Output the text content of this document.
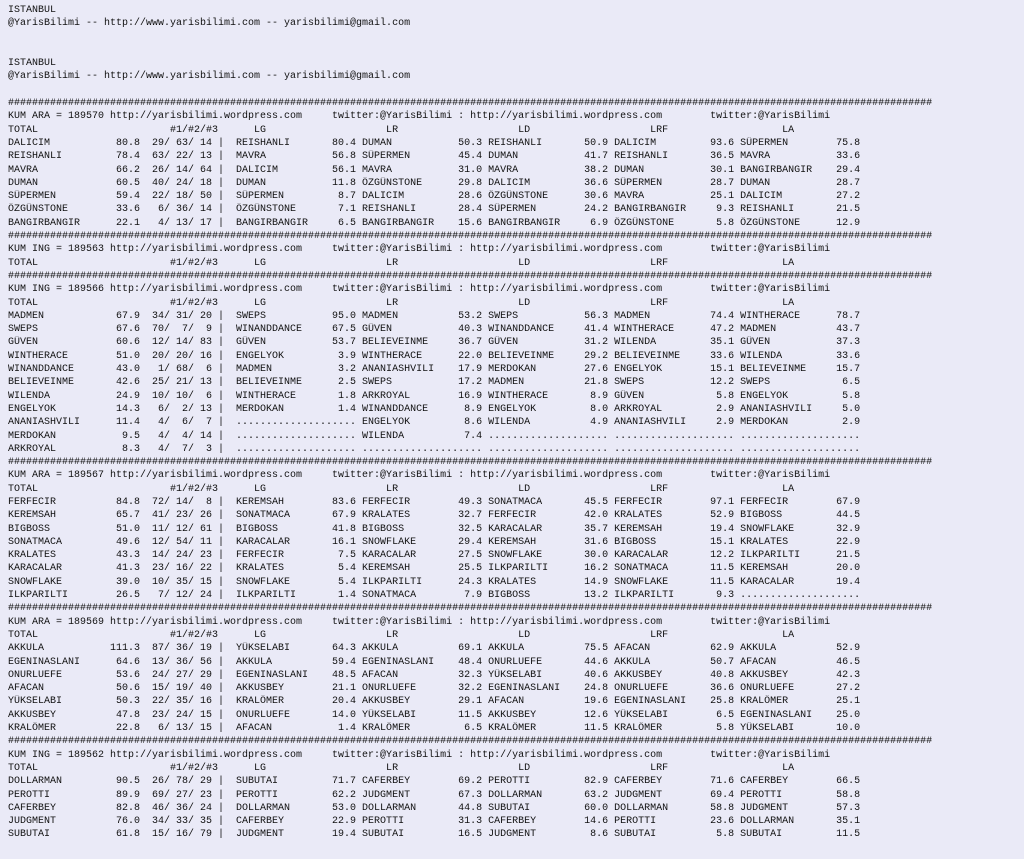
ISTANBUL
@YarisBilimi -- http://www.yarisbilimi.com -- yarisbilimi@gmail.com
ISTANBUL
@YarisBilimi -- http://www.yarisbilimi.com -- yarisbilimi@gmail.com
##########################################################################################################################################################
KUM ARA = 189570 http://yarisbilimi.wordpress.com     twitter:@YarisBilimi : http://yarisbilimi.wordpress.com        twitter:@YarisBilimi
TOTAL                      #1/#2/#3      LG                    LR                    LD                    LRF                   LA
DALICIM           80.8  29/ 63/ 14 |  REISHANLI       80.4 DUMAN           50.3 REISHANLI       50.9 DALICIM         93.6 SÜPERMEN        75.8
REISHANLI         78.4  63/ 22/ 13 |  MAVRA           56.8 SÜPERMEN        45.4 DUMAN           41.7 REISHANLI       36.5 MAVRA           33.6
MAVRA             66.2  26/ 14/ 64 |  DALICIM         56.1 MAVRA           31.0 MAVRA           38.2 DUMAN           30.1 BANGIRBANGIR    29.4
DUMAN             60.5  40/ 24/ 18 |  DUMAN           11.8 ÖZGÜNSTONE      29.8 DALICIM         36.6 SÜPERMEN        28.7 DUMAN           28.7
SÜPERMEN          59.4  22/ 18/ 50 |  SÜPERMEN         8.7 DALICIM         28.6 ÖZGÜNSTONE      30.6 MAVRA           25.1 DALICIM         27.2
ÖZGÜNSTONE        33.6   6/ 36/ 14 |  ÖZGÜNSTONE       7.1 REISHANLI       28.4 SÜPERMEN        24.2 BANGIRBANGIR     9.3 REISHANLI       21.5
BANGIRBANGIR      22.1   4/ 13/ 17 |  BANGIRBANGIR     6.5 BANGIRBANGIR    15.6 BANGIRBANGIR     6.9 ÖZGÜNSTONE       5.8 ÖZGÜNSTONE      12.9
##########################################################################################################################################################
KUM ING = 189563 http://yarisbilimi.wordpress.com     twitter:@YarisBilimi : http://yarisbilimi.wordpress.com        twitter:@YarisBilimi
TOTAL                      #1/#2/#3      LG                    LR                    LD                    LRF                   LA
##########################################################################################################################################################
KUM ING = 189566 http://yarisbilimi.wordpress.com     twitter:@YarisBilimi : http://yarisbilimi.wordpress.com        twitter:@YarisBilimi
TOTAL                      #1/#2/#3      LG                    LR                    LD                    LRF                   LA
MADMEN            67.9  34/ 31/ 20 |  SWEPS           95.0 MADMEN          53.2 SWEPS           56.3 MADMEN          74.4 WINTHERACE      78.7
SWEPS             67.6  70/  7/  9 |  WINANDDANCE     67.5 GÜVEN           40.3 WINANDDANCE     41.4 WINTHERACE      47.2 MADMEN          43.7
GÜVEN             60.6  12/ 14/ 83 |  GÜVEN           53.7 BELIEVEINME     36.7 GÜVEN           31.2 WILENDA         35.1 GÜVEN           37.3
WINTHERACE        51.0  20/ 20/ 16 |  ENGELYOK         3.9 WINTHERACE      22.0 BELIEVEINME     29.2 BELIEVEINME     33.6 WILENDA         33.6
WINANDDANCE       43.0   1/ 68/  6 |  MADMEN           3.2 ANANIASHVILI    17.9 MERDOKAN        27.6 ENGELYOK        15.1 BELIEVEINME     15.7
BELIEVEINME       42.6  25/ 21/ 13 |  BELIEVEINME      2.5 SWEPS           17.2 MADMEN          21.8 SWEPS           12.2 SWEPS            6.5
WILENDA           24.9  10/ 10/  6 |  WINTHERACE       1.8 ARKROYAL        16.9 WINTHERACE       8.9 GÜVEN            5.8 ENGELYOK         5.8
ENGELYOK          14.3   6/  2/ 13 |  MERDOKAN         1.4 WINANDDANCE      8.9 ENGELYOK         8.0 ARKROYAL         2.9 ANANIASHVILI     5.0
ANANIASHVILI      11.4   4/  6/  7 |  .................... ENGELYOK         8.6 WILENDA          4.9 ANANIASHVILI     2.9 MERDOKAN         2.9
MERDOKAN           9.5   4/  4/ 14 |  .................... WILENDA          7.4 .................... .................... ....................
ARKROYAL           8.3   4/  7/  3 |  .................... .................... .................... .................... ....................
##########################################################################################################################################################
KUM ARA = 189567 http://yarisbilimi.wordpress.com     twitter:@YarisBilimi : http://yarisbilimi.wordpress.com        twitter:@YarisBilimi
TOTAL                      #1/#2/#3      LG                    LR                    LD                    LRF                   LA
FERFECIR          84.8  72/ 14/  8 |  KEREMSAH        83.6 FERFECIR        49.3 SONATMACA       45.5 FERFECIR        97.1 FERFECIR        67.9
KEREMSAH          65.7  41/ 23/ 26 |  SONATMACA       67.9 KRALATES        32.7 FERFECIR        42.0 KRALATES        52.9 BIGBOSS         44.5
BIGBOSS           51.0  11/ 12/ 61 |  BIGBOSS         41.8 BIGBOSS         32.5 KARACALAR       35.7 KEREMSAH        19.4 SNOWFLAKE       32.9
SONATMACA         49.6  12/ 54/ 11 |  KARACALAR       16.1 SNOWFLAKE       29.4 KEREMSAH        31.6 BIGBOSS         15.1 KRALATES        22.9
KRALATES          43.3  14/ 24/ 23 |  FERFECIR         7.5 KARACALAR       27.5 SNOWFLAKE       30.0 KARACALAR       12.2 ILKPARILTI      21.5
KARACALAR         41.3  23/ 16/ 22 |  KRALATES         5.4 KEREMSAH        25.5 ILKPARILTI      16.2 SONATMACA       11.5 KEREMSAH        20.0
SNOWFLAKE         39.0  10/ 35/ 15 |  SNOWFLAKE        5.4 ILKPARILTI      24.3 KRALATES        14.9 SNOWFLAKE       11.5 KARACALAR       19.4
ILKPARILTI        26.5   7/ 12/ 24 |  ILKPARILTI       1.4 SONATMACA        7.9 BIGBOSS         13.2 ILKPARILTI       9.3 ....................
##########################################################################################################################################################
KUM ARA = 189569 http://yarisbilimi.wordpress.com     twitter:@YarisBilimi : http://yarisbilimi.wordpress.com        twitter:@YarisBilimi
TOTAL                      #1/#2/#3      LG                    LR                    LD                    LRF                   LA
AKKULA           111.3  87/ 36/ 19 |  YÜKSELABI       64.3 AKKULA          69.1 AKKULA          75.5 AFACAN          62.9 AKKULA          52.9
EGENINASLANI      64.6  13/ 36/ 56 |  AKKULA          59.4 EGENINASLANI    48.4 ONURLUEFE       44.6 AKKULA          50.7 AFACAN          46.5
ONURLUEFE         53.6  24/ 27/ 29 |  EGENINASLANI    48.5 AFACAN          32.3 YÜKSELABI       40.6 AKKUSBEY        40.8 AKKUSBEY        42.3
AFACAN            50.6  15/ 19/ 40 |  AKKUSBEY        21.1 ONURLUEFE       32.2 EGENINASLANI    24.8 ONURLUEFE       36.6 ONURLUEFE       27.2
YÜKSELABI         50.3  22/ 35/ 16 |  KRALÖMER        20.4 AKKUSBEY        29.1 AFACAN          19.6 EGENINASLANI    25.8 KRALÖMER        25.1
AKKUSBEY          47.8  23/ 24/ 15 |  ONURLUEFE       14.0 YÜKSELABI       11.5 AKKUSBEY        12.6 YÜKSELABI        6.5 EGENINASLANI    25.0
KRALÖMER          22.8   6/ 13/ 15 |  AFACAN           1.4 KRALÖMER         6.5 KRALÖMER        11.5 KRALÖMER         5.8 YÜKSELABI       10.0
##########################################################################################################################################################
KUM ING = 189562 http://yarisbilimi.wordpress.com     twitter:@YarisBilimi : http://yarisbilimi.wordpress.com        twitter:@YarisBilimi
TOTAL                      #1/#2/#3      LG                    LR                    LD                    LRF                   LA
DOLLARMAN         90.5  26/ 78/ 29 |  SUBUTAI         71.7 CAFERBEY        69.2 PEROTTI         82.9 CAFERBEY        71.6 CAFERBEY        66.5
PEROTTI           89.9  69/ 27/ 23 |  PEROTTI         62.2 JUDGMENT        67.3 DOLLARMAN       63.2 JUDGMENT        69.4 PEROTTI         58.8
CAFERBEY          82.8  46/ 36/ 24 |  DOLLARMAN       53.0 DOLLARMAN       44.8 SUBUTAI         60.0 DOLLARMAN       58.8 JUDGMENT        57.3
JUDGMENT          76.0  34/ 33/ 35 |  CAFERBEY        22.9 PEROTTI         31.3 CAFERBEY        14.6 PEROTTI         23.6 DOLLARMAN       35.1
SUBUTAI           61.8  15/ 16/ 79 |  JUDGMENT        19.4 SUBUTAI         16.5 JUDGMENT         8.6 SUBUTAI          5.8 SUBUTAI         11.5
